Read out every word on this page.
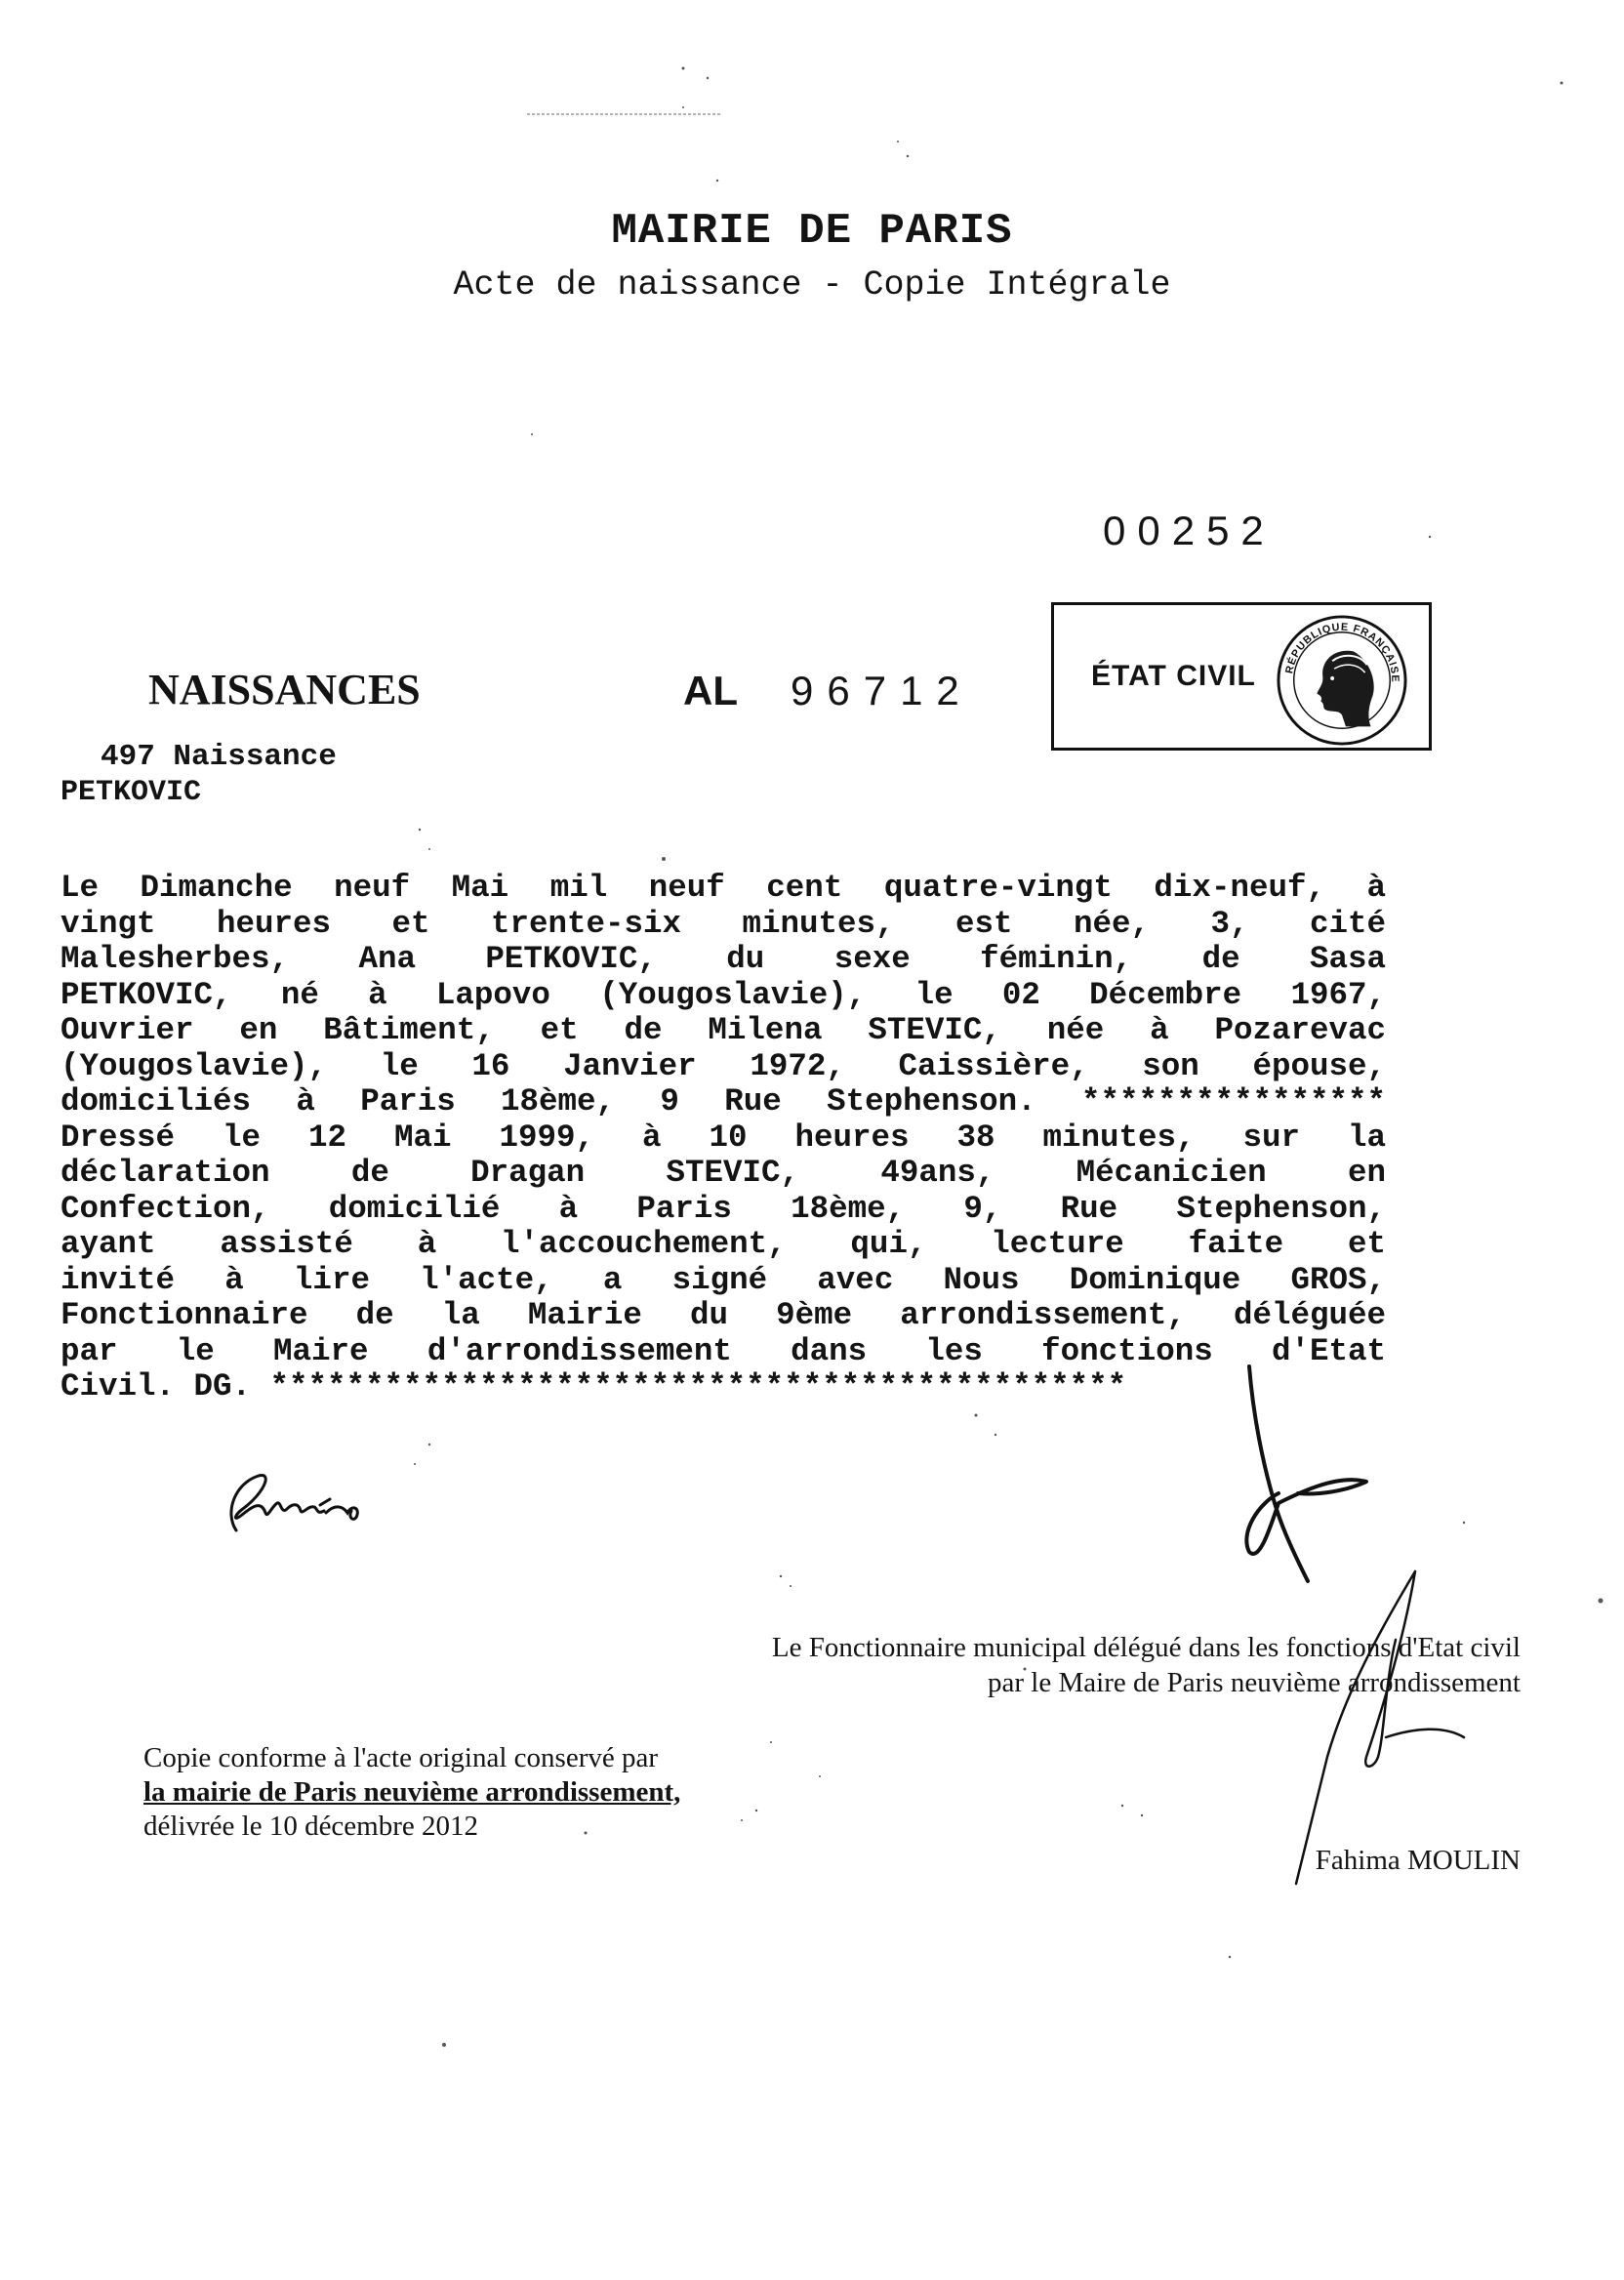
MAIRIE DE PARIS
Acte de naissance - Copie Intégrale
00252
ÉTAT CIVIL	RÉPUBLIQUE FRANÇAISE
NAISSANCES	AL 96712
497 Naissance
PETKOVIC
Le Dimanche neuf Mai mil neuf cent quatre-vingt dix-neuf, à
vingt heures et trente-six minutes, est née, 3, cité
Malesherbes, Ana PETKOVIC, du sexe féminin, de Sasa
PETKOVIC, né à Lapovo (Yougoslavie), le 02 Décembre 1967,
Ouvrier en Bâtiment, et de Milena STEVIC, née à Pozarevac
(Yougoslavie), le 16 Janvier 1972, Caissière, son épouse,
domiciliés à Paris 18ème, 9 Rue Stephenson. ****************
Dressé le 12 Mai 1999, à 10 heures 38 minutes, sur la
déclaration de Dragan STEVIC, 49ans, Mécanicien en
Confection, domicilié à Paris 18ème, 9, Rue Stephenson,
ayant assisté à l'accouchement, qui, lecture faite et
invité à lire l'acte, a signé avec Nous Dominique GROS,
Fonctionnaire de la Mairie du 9ème arrondissement, déléguée
par le Maire d'arrondissement dans les fonctions d'Etat
Civil. DG. *********************************************
Le Fonctionnaire municipal délégué dans les fonctions d'Etat civil
par le Maire de Paris neuvième arrondissement
Copie conforme à l'acte original conservé par
la mairie de Paris neuvième arrondissement,
délivrée le 10 décembre 2012
Fahima MOULIN
